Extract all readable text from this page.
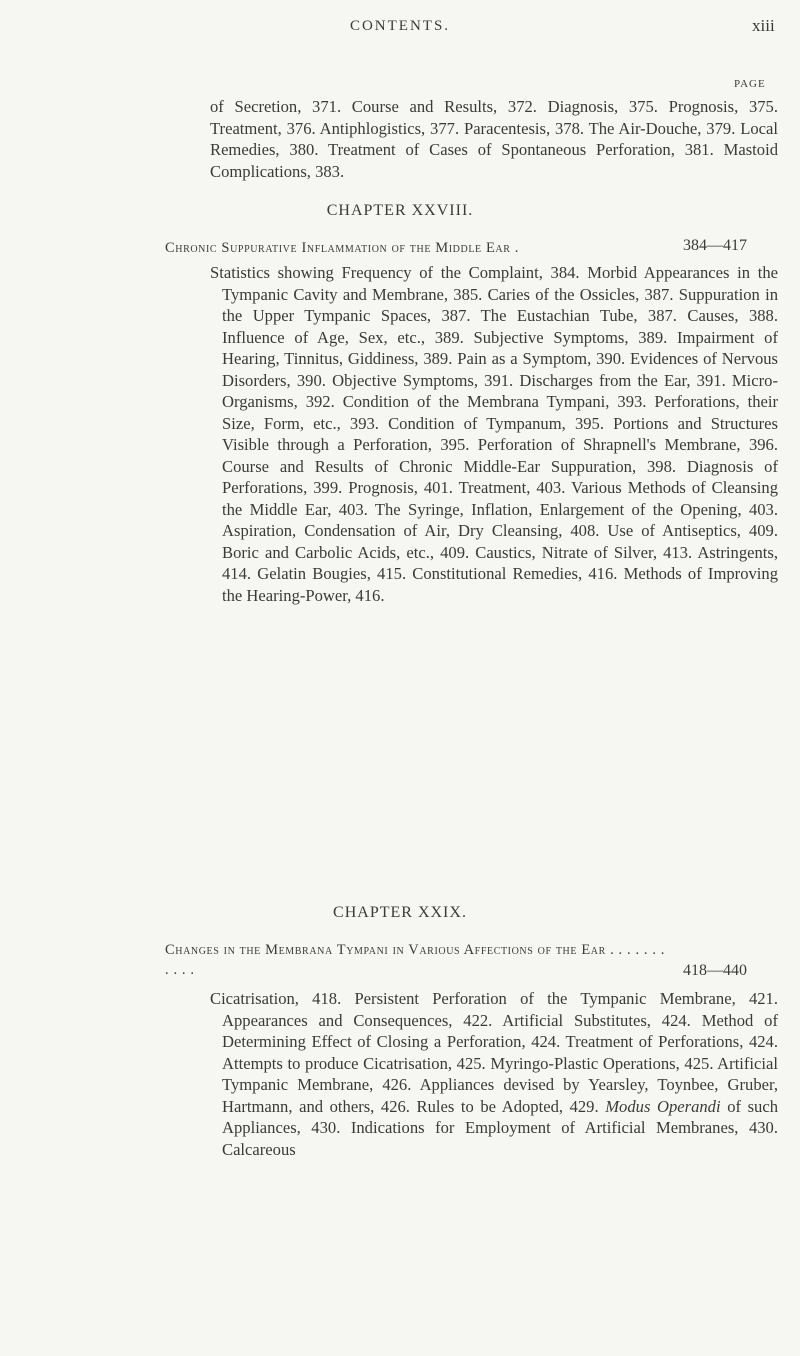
CONTENTS.	xiii
PAGE
of Secretion, 371. Course and Results, 372. Diagnosis, 375. Prognosis, 375. Treatment, 376. Antiphlogistics, 377. Paracentesis, 378. The Air-Douche, 379. Local Remedies, 380. Treatment of Cases of Spontaneous Perforation, 381. Mastoid Complications, 383.
CHAPTER XXVIII.
Chronic Suppurative Inflammation of the Middle Ear .	384—417
Statistics showing Frequency of the Complaint, 384. Morbid Appearances in the Tympanic Cavity and Membrane, 385. Caries of the Ossicles, 387. Suppuration in the Upper Tympanic Spaces, 387. The Eustachian Tube, 387. Causes, 388. Influence of Age, Sex, etc., 389. Subjective Symptoms, 389. Impairment of Hearing, Tinnitus, Giddiness, 389. Pain as a Symptom, 390. Evidences of Nervous Disorders, 390. Objective Symptoms, 391. Discharges from the Ear, 391. Micro-Organisms, 392. Condition of the Membrana Tympani, 393. Perforations, their Size, Form, etc., 393. Condition of Tympanum, 395. Portions and Structures Visible through a Perforation, 395. Perforation of Shrapnell's Membrane, 396. Course and Results of Chronic Middle-Ear Suppuration, 398. Diagnosis of Perforations, 399. Prognosis, 401. Treatment, 403. Various Methods of Cleansing the Middle Ear, 403. The Syringe, Inflation, Enlargement of the Opening, 403. Aspiration, Condensation of Air, Dry Cleansing, 408. Use of Antiseptics, 409. Boric and Carbolic Acids, etc., 409. Caustics, Nitrate of Silver, 413. Astringents, 414. Gelatin Bougies, 415. Constitutional Remedies, 416. Methods of Improving the Hearing-Power, 416.
CHAPTER XXIX.
Changes in the Membrana Tympani in Various Affections of the Ear . . . . . . . . . . .	418—440
Cicatrisation, 418. Persistent Perforation of the Tympanic Membrane, 421. Appearances and Consequences, 422. Artificial Substitutes, 424. Method of Determining Effect of Closing a Perforation, 424. Treatment of Perforations, 424. Attempts to produce Cicatrisation, 425. Myringo-Plastic Operations, 425. Artificial Tympanic Membrane, 426. Appliances devised by Yearsley, Toynbee, Gruber, Hartmann, and others, 426. Rules to be Adopted, 429. Modus Operandi of such Appliances, 430. Indications for Employment of Artificial Membranes, 430. Calcareous
